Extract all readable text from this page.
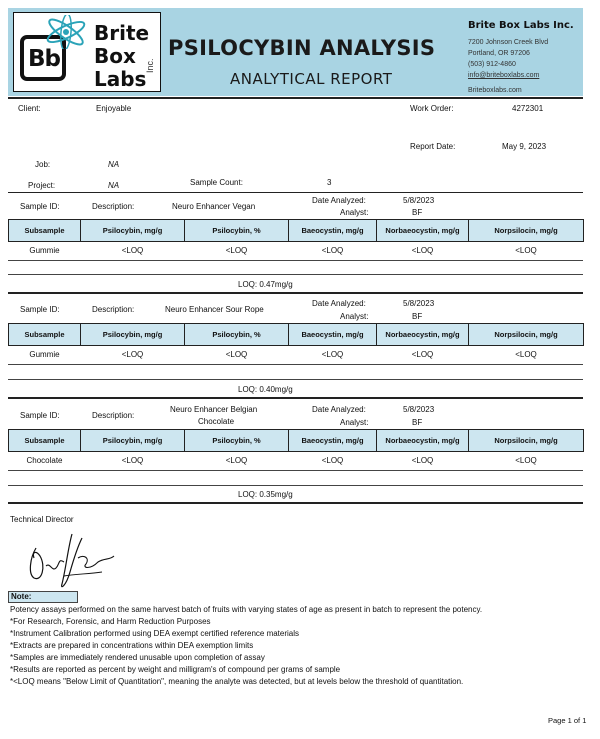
Bb
Brite
Box
Labs
Inc.
PSILOCYBIN ANALYSIS
ANALYTICAL REPORT
Brite Box Labs Inc.
7200 Johnson Creek Blvd
Portland, OR 97206
(503) 912-4860
info@briteboxlabs.com
Briteboxlabs.com
Client:	Enjoyable	Work Order:	4272301
Report Date:	May 9, 2023
Job:	NA
Project:	NA	Sample Count:	3
Sample ID:	Description:	Neuro Enhancer Vegan
Date Analyzed:	5/8/2023
Analyst:	BF
Subsample	Psilocybin, mg/g	Psilocybin, %	Baeocystin, mg/g	Norbaeocystin, mg/g	Norpsilocin, mg/g
Gummie	<LOQ	<LOQ	<LOQ	<LOQ	<LOQ
LOQ: 0.47mg/g
Sample ID:	Description:	Neuro Enhancer Sour Rope
Date Analyzed:	5/8/2023
Analyst:	BF
Subsample	Psilocybin, mg/g	Psilocybin, %	Baeocystin, mg/g	Norbaeocystin, mg/g	Norpsilocin, mg/g
Gummie	<LOQ	<LOQ	<LOQ	<LOQ	<LOQ
LOQ: 0.40mg/g
Sample ID:	Description:
Neuro Enhancer Belgian
Chocolate
Date Analyzed:	5/8/2023
Analyst:	BF
Subsample	Psilocybin, mg/g	Psilocybin, %	Baeocystin, mg/g	Norbaeocystin, mg/g	Norpsilocin, mg/g
Chocolate	<LOQ	<LOQ	<LOQ	<LOQ	<LOQ
LOQ: 0.35mg/g
Technical Director
Note:
Potency assays performed on the same harvest batch of fruits with varying states of age as present in batch to represent the potency.
*For Research, Forensic, and Harm Reduction Purposes
*Instrument Calibration performed using DEA exempt certified reference materials
*Extracts are prepared in concentrations within DEA exemption limits
*Samples are immediately rendered unusable upon completion of assay
*Results are reported as percent by weight and milligram's of compound per grams of sample
*<LOQ means "Below Limit of Quantitation", meaning the analyte was detected, but at levels below the threshold of quantitation.
Page 1 of 1
